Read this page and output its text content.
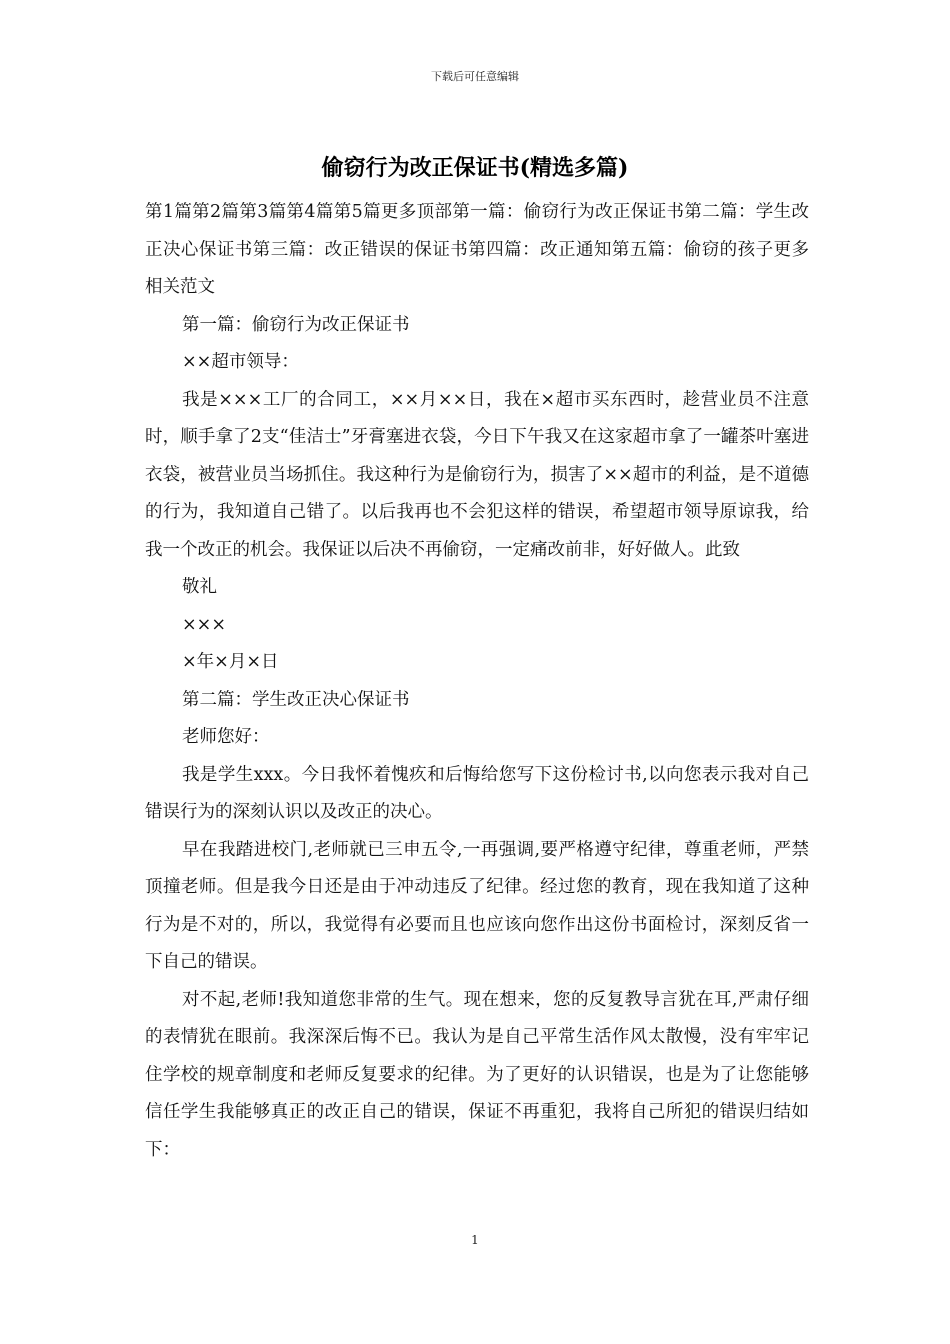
下载后可任意编辑
偷窃行为改正保证书(精选多篇)

第1篇第2篇第3篇第4篇第5篇更多顶部第一篇：偷窃行为改正保证书第二篇：学生改正决心保证书第三篇：改正错误的保证书第四篇：改正通知第五篇：偷窃的孩子更多相关范文

第一篇：偷窃行为改正保证书

××超市领导：

我是×××工厂的合同工，××月××日，我在×超市买东西时，趁营业员不注意时，顺手拿了2支“佳洁士”牙膏塞进衣袋，今日下午我又在这家超市拿了一罐茶叶塞进衣袋，被营业员当场抓住。我这种行为是偷窃行为，损害了××超市的利益，是不道德的行为，我知道自己错了。以后我再也不会犯这样的错误，希望超市领导原谅我，给我一个改正的机会。我保证以后决不再偷窃，一定痛改前非，好好做人。此致

敬礼

×××

×年×月×日

第二篇：学生改正决心保证书

老师您好：

我是学生xxx。今日我怀着愧疚和后悔给您写下这份检讨书,以向您表示我对自己错误行为的深刻认识以及改正的决心。

早在我踏进校门,老师就已三申五令,一再强调,要严格遵守纪律，尊重老师，严禁顶撞老师。但是我今日还是由于冲动违反了纪律。经过您的教育，现在我知道了这种行为是不对的，所以，我觉得有必要而且也应该向您作出这份书面检讨，深刻反省一下自己的错误。

对不起,老师!我知道您非常的生气。现在想来，您的反复教导言犹在耳,严肃仔细的表情犹在眼前。我深深后悔不已。我认为是自己平常生活作风太散慢，没有牢牢记住学校的规章制度和老师反复要求的纪律。为了更好的认识错误，也是为了让您能够信任学生我能够真正的改正自己的错误，保证不再重犯，我将自己所犯的错误归结如下：

1
